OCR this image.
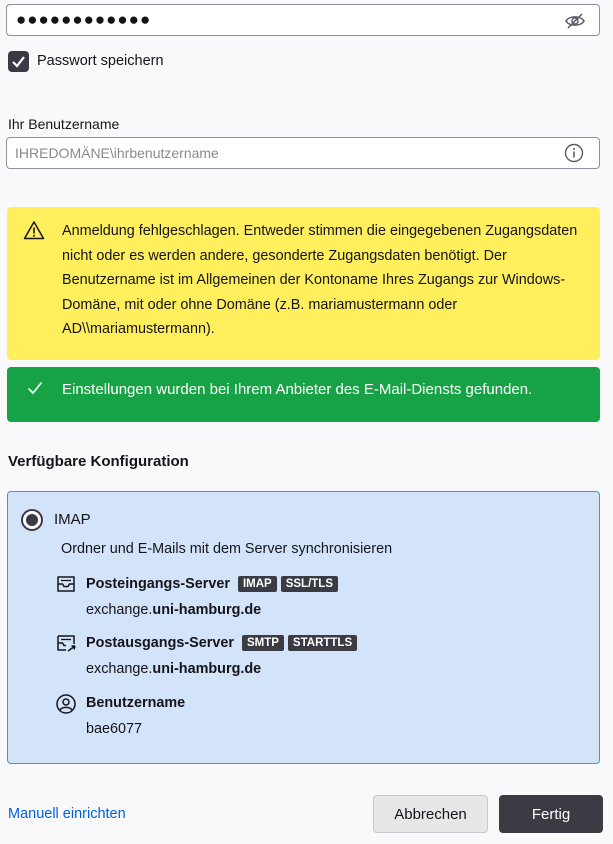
●●●●●●●●●●●●
Passwort speichern
Ihr Benutzername
IHREDOMÄNE\ihrbenutzername
Anmeldung fehlgeschlagen. Entweder stimmen die eingegebenen Zugangsdaten nicht oder es werden andere, gesonderte Zugangsdaten benötigt. Der Benutzername ist im Allgemeinen der Kontoname Ihres Zugangs zur Windows-Domäne, mit oder ohne Domäne (z.B. mariamustermann oder AD\\mariamustermann).
Einstellungen wurden bei Ihrem Anbieter des E-Mail-Diensts gefunden.
Verfügbare Konfiguration
IMAP
Ordner und E-Mails mit dem Server synchronisieren
Posteingangs-Server IMAP SSL/TLS
exchange.uni-hamburg.de
Postausgangs-Server SMTP STARTTLS
exchange.uni-hamburg.de
Benutzername
bae6077
Manuell einrichten	Abbrechen	Fertig
